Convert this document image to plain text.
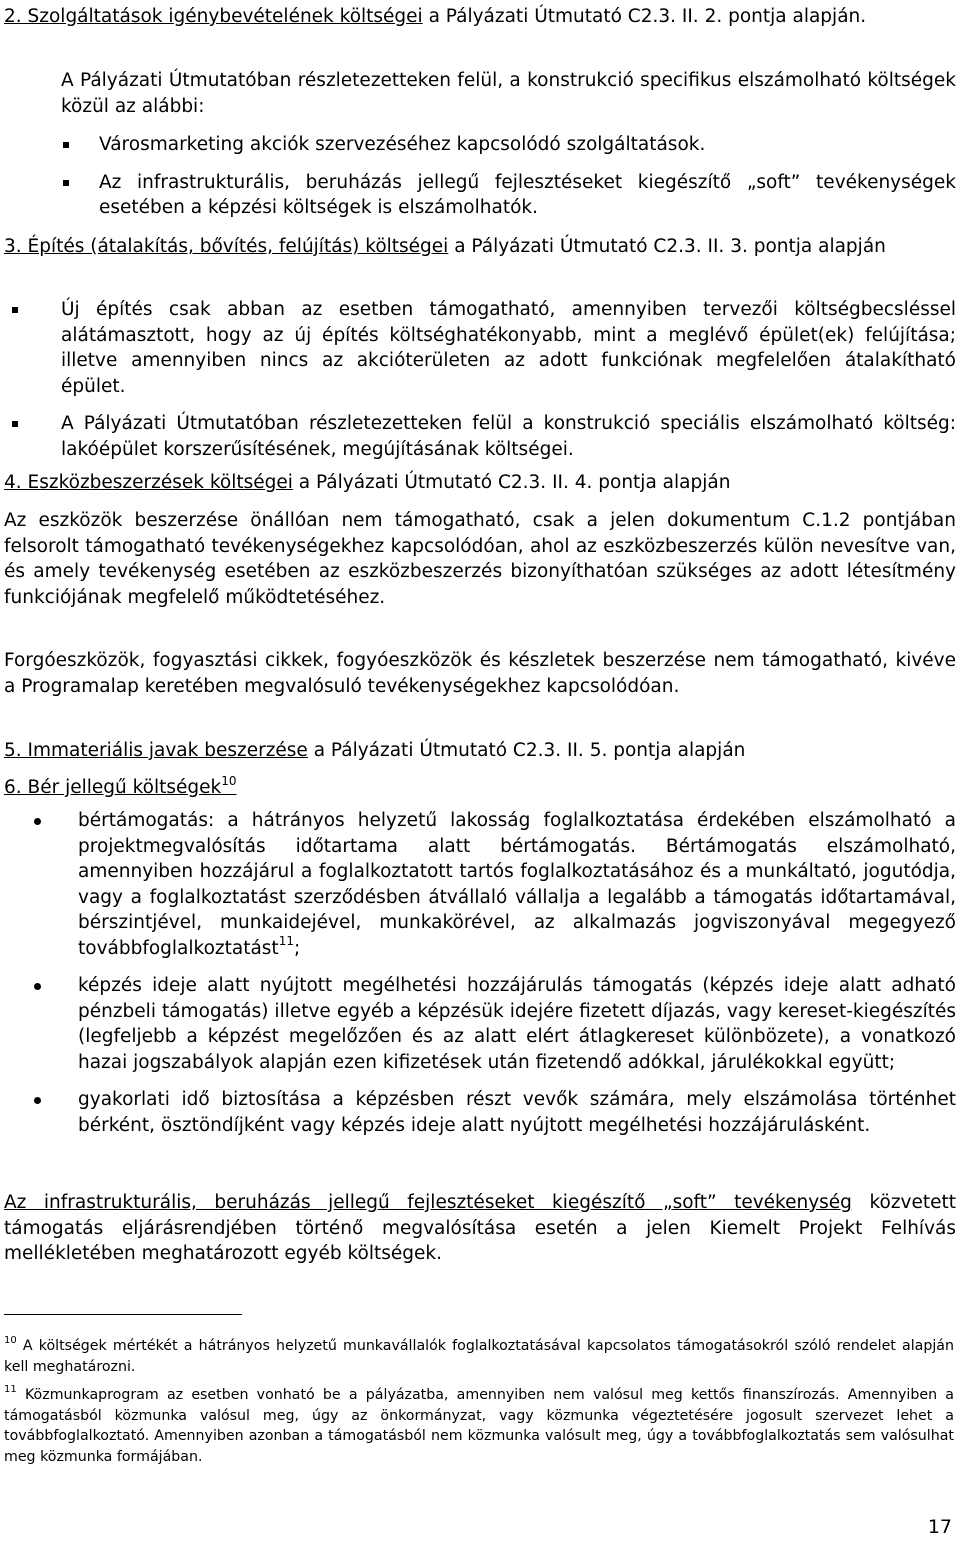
2. Szolgáltatások igénybevételének költségei a Pályázati Útmutató C2.3. II. 2. pontja alapján.

A Pályázati Útmutatóban részletezetteken felül, a konstrukció specifikus elszámolható költségek közül az alábbi:

Városmarketing akciók szervezéséhez kapcsolódó szolgáltatások.
Az infrastrukturális, beruházás jellegű fejlesztéseket kiegészítő „soft” tevékenységek esetében a képzési költségek is elszámolhatók.

3. Építés (átalakítás, bővítés, felújítás) költségei a Pályázati Útmutató C2.3. II. 3. pontja alapján

Új építés csak abban az esetben támogatható, amennyiben tervezői költségbecsléssel alátámasztott, hogy az új építés költséghatékonyabb, mint a meglévő épület(ek) felújítása; illetve amennyiben nincs az akcióterületen az adott funkciónak megfelelően átalakítható épület.
A Pályázati Útmutatóban részletezetteken felül a konstrukció speciális elszámolható költség: lakóépület korszerűsítésének, megújításának költségei.

4. Eszközbeszerzések költségei a Pályázati Útmutató C2.3. II. 4. pontja alapján

Az eszközök beszerzése önállóan nem támogatható, csak a jelen dokumentum C.1.2 pontjában felsorolt támogatható tevékenységekhez kapcsolódóan, ahol az eszközbeszerzés külön nevesítve van, és amely tevékenység esetében az eszközbeszerzés bizonyíthatóan szükséges az adott létesítmény funkciójának megfelelő működtetéséhez.

Forgóeszközök, fogyasztási cikkek, fogyóeszközök és készletek beszerzése nem támogatható, kivéve a Programalap keretében megvalósuló tevékenységekhez kapcsolódóan.

5. Immateriális javak beszerzése a Pályázati Útmutató C2.3. II. 5. pontja alapján

6. Bér jellegű költségek$^{10}$

bértámogatás: a hátrányos helyzetű lakosság foglalkoztatása érdekében elszámolható a projektmegvalósítás időtartama alatt bértámogatás. Bértámogatás elszámolható, amennyiben hozzájárul a foglalkoztatott tartós foglalkoztatásához és a munkáltató, jogutódja, vagy a foglalkoztatást szerződésben átvállaló vállalja a legalább a támogatás időtartamával, bérszintjével, munkaidejével, munkakörével, az alkalmazás jogviszonyával megegyező továbbfoglalkoztatást$^{11}$;
képzés ideje alatt nyújtott megélhetési hozzájárulás támogatás (képzés ideje alatt adható pénzbeli támogatás) illetve egyéb a képzésük idejére fizetett díjazás, vagy kereset-kiegészítés (legfeljebb a képzést megelőzően és az alatt elért átlagkereset különbözete), a vonatkozó hazai jogszabályok alapján ezen kifizetések után fizetendő adókkal, járulékokkal együtt;
gyakorlati idő biztosítása a képzésben részt vevők számára, mely elszámolása történhet bérként, ösztöndíjként vagy képzés ideje alatt nyújtott megélhetési hozzájárulásként.

Az infrastrukturális, beruházás jellegű fejlesztéseket kiegészítő „soft” tevékenység közvetett támogatás eljárásrendjében történő megvalósítása esetén a jelen Kiemelt Projekt Felhívás mellékletében meghatározott egyéb költségek.

$^{10}$ A költségek mértékét a hátrányos helyzetű munkavállalók foglalkoztatásával kapcsolatos támogatásokról szóló rendelet alapján kell meghatározni.

$^{11}$ Közmunkaprogram az esetben vonható be a pályázatba, amennyiben nem valósul meg kettős finanszírozás. Amennyiben a támogatásból közmunka valósul meg, úgy az önkormányzat, vagy közmunka végeztetésére jogosult szervezet lehet a továbbfoglalkoztató. Amennyiben azonban a támogatásból nem közmunka valósult meg, úgy a továbbfoglalkoztatás sem valósulhat meg közmunka formájában.

17
